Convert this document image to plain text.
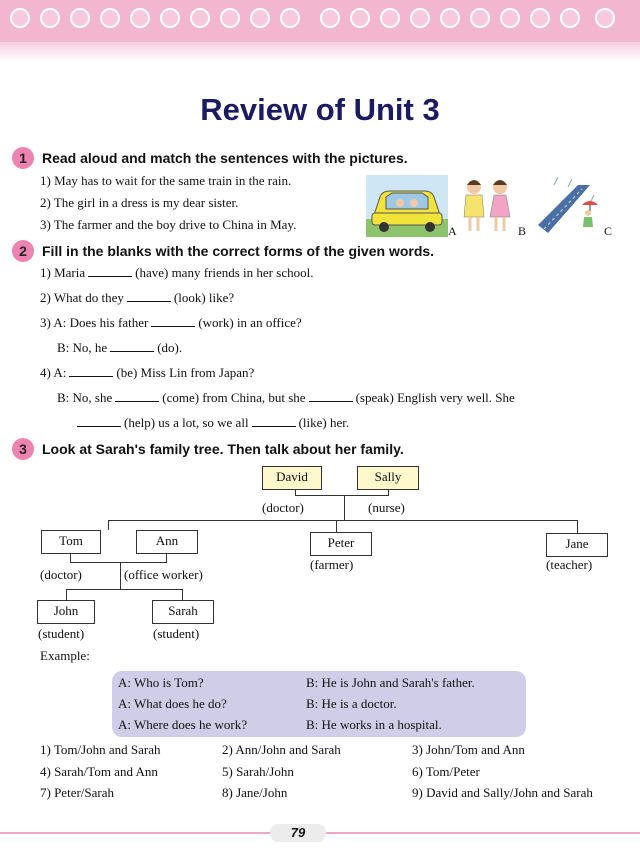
Review of Unit 3
1	Read aloud and match the sentences with the pictures.
1) May has to wait for the same train in the rain.
2) The girl in a dress is my dear sister.
3) The farmer and the boy drive to China in May.	A	B	C
2	Fill in the blanks with the correct forms of the given words.
1) Maria	(have) many friends in her school.
2) What do they	(look) like?
3) A: Does his father	(work) in an office?
B: No, he	(do).
4) A:	(be) Miss Lin from Japan?
B: No, she	(come) from China, but she	(speak) English very well. She
(help) us a lot, so we all	(like) her.
3	Look at Sarah's family tree. Then talk about her family.
David	Sally
(doctor)	(nurse)
Tom	Ann	Peter	Jane
(doctor)	(office worker)
(farmer)	(teacher)
John	Sarah
(student)	(student)
Example:
A: Who is Tom?	B: He is John and Sarah's father.
A: What does he do?	B: He is a doctor.
A: Where does he work?	B: He works in a hospital.
1) Tom/John and Sarah	2) Ann/John and Sarah	3) John/Tom and Ann
4) Sarah/Tom and Ann	5) Sarah/John	6) Tom/Peter
7) Peter/Sarah	8) Jane/John	9) David and Sally/John and Sarah
79
